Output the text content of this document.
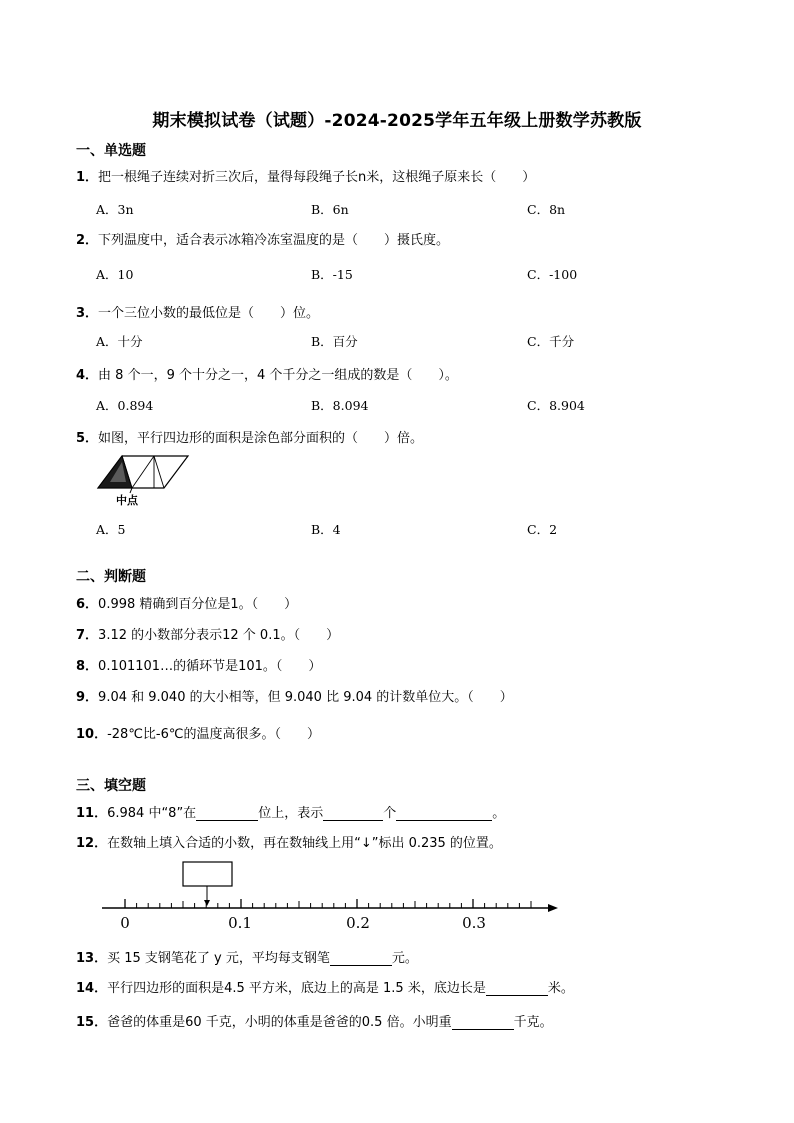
期末模拟试卷（试题）-2024-2025学年五年级上册数学苏教版
一、单选题
1．把一根绳子连续对折三次后，量得每段绳子长n米，这根绳子原来长（　　）
A．3n	B．6n	C．8n
2．下列温度中，适合表示冰箱冷冻室温度的是（　　）摄氏度。
A．10	B．-15	C．-100
3．一个三位小数的最低位是（　　）位。
A．十分	B．百分	C．千分
4．由 8 个一，9 个十分之一，4 个千分之一组成的数是（　　）。
A．0.894	B．8.094	C．8.904
5．如图，平行四边形的面积是涂色部分面积的（　　）倍。
中点
A．5	B．4	C．2
二、判断题
6．0.998 精确到百分位是1。（　　）
7．3.12 的小数部分表示12 个 0.1。（　　）
8．0.101101…的循环节是101。（　　）
9．9.04 和 9.040 的大小相等，但 9.040 比 9.04 的计数单位大。（　　）
10．-28℃比-6℃的温度高很多。（　　）
三、填空题
11．6.984 中“8”在	位上，表示	个	。
12．在数轴上填入合适的小数，再在数轴线上用“↓”标出 0.235 的位置。
0	0.1	0.2	0.3
13．买 15 支钢笔花了 y 元，平均每支钢笔	元。
14．平行四边形的面积是4.5 平方米，底边上的高是 1.5 米，底边长是	米。
15．爸爸的体重是60 千克，小明的体重是爸爸的0.5 倍。小明重	千克。
